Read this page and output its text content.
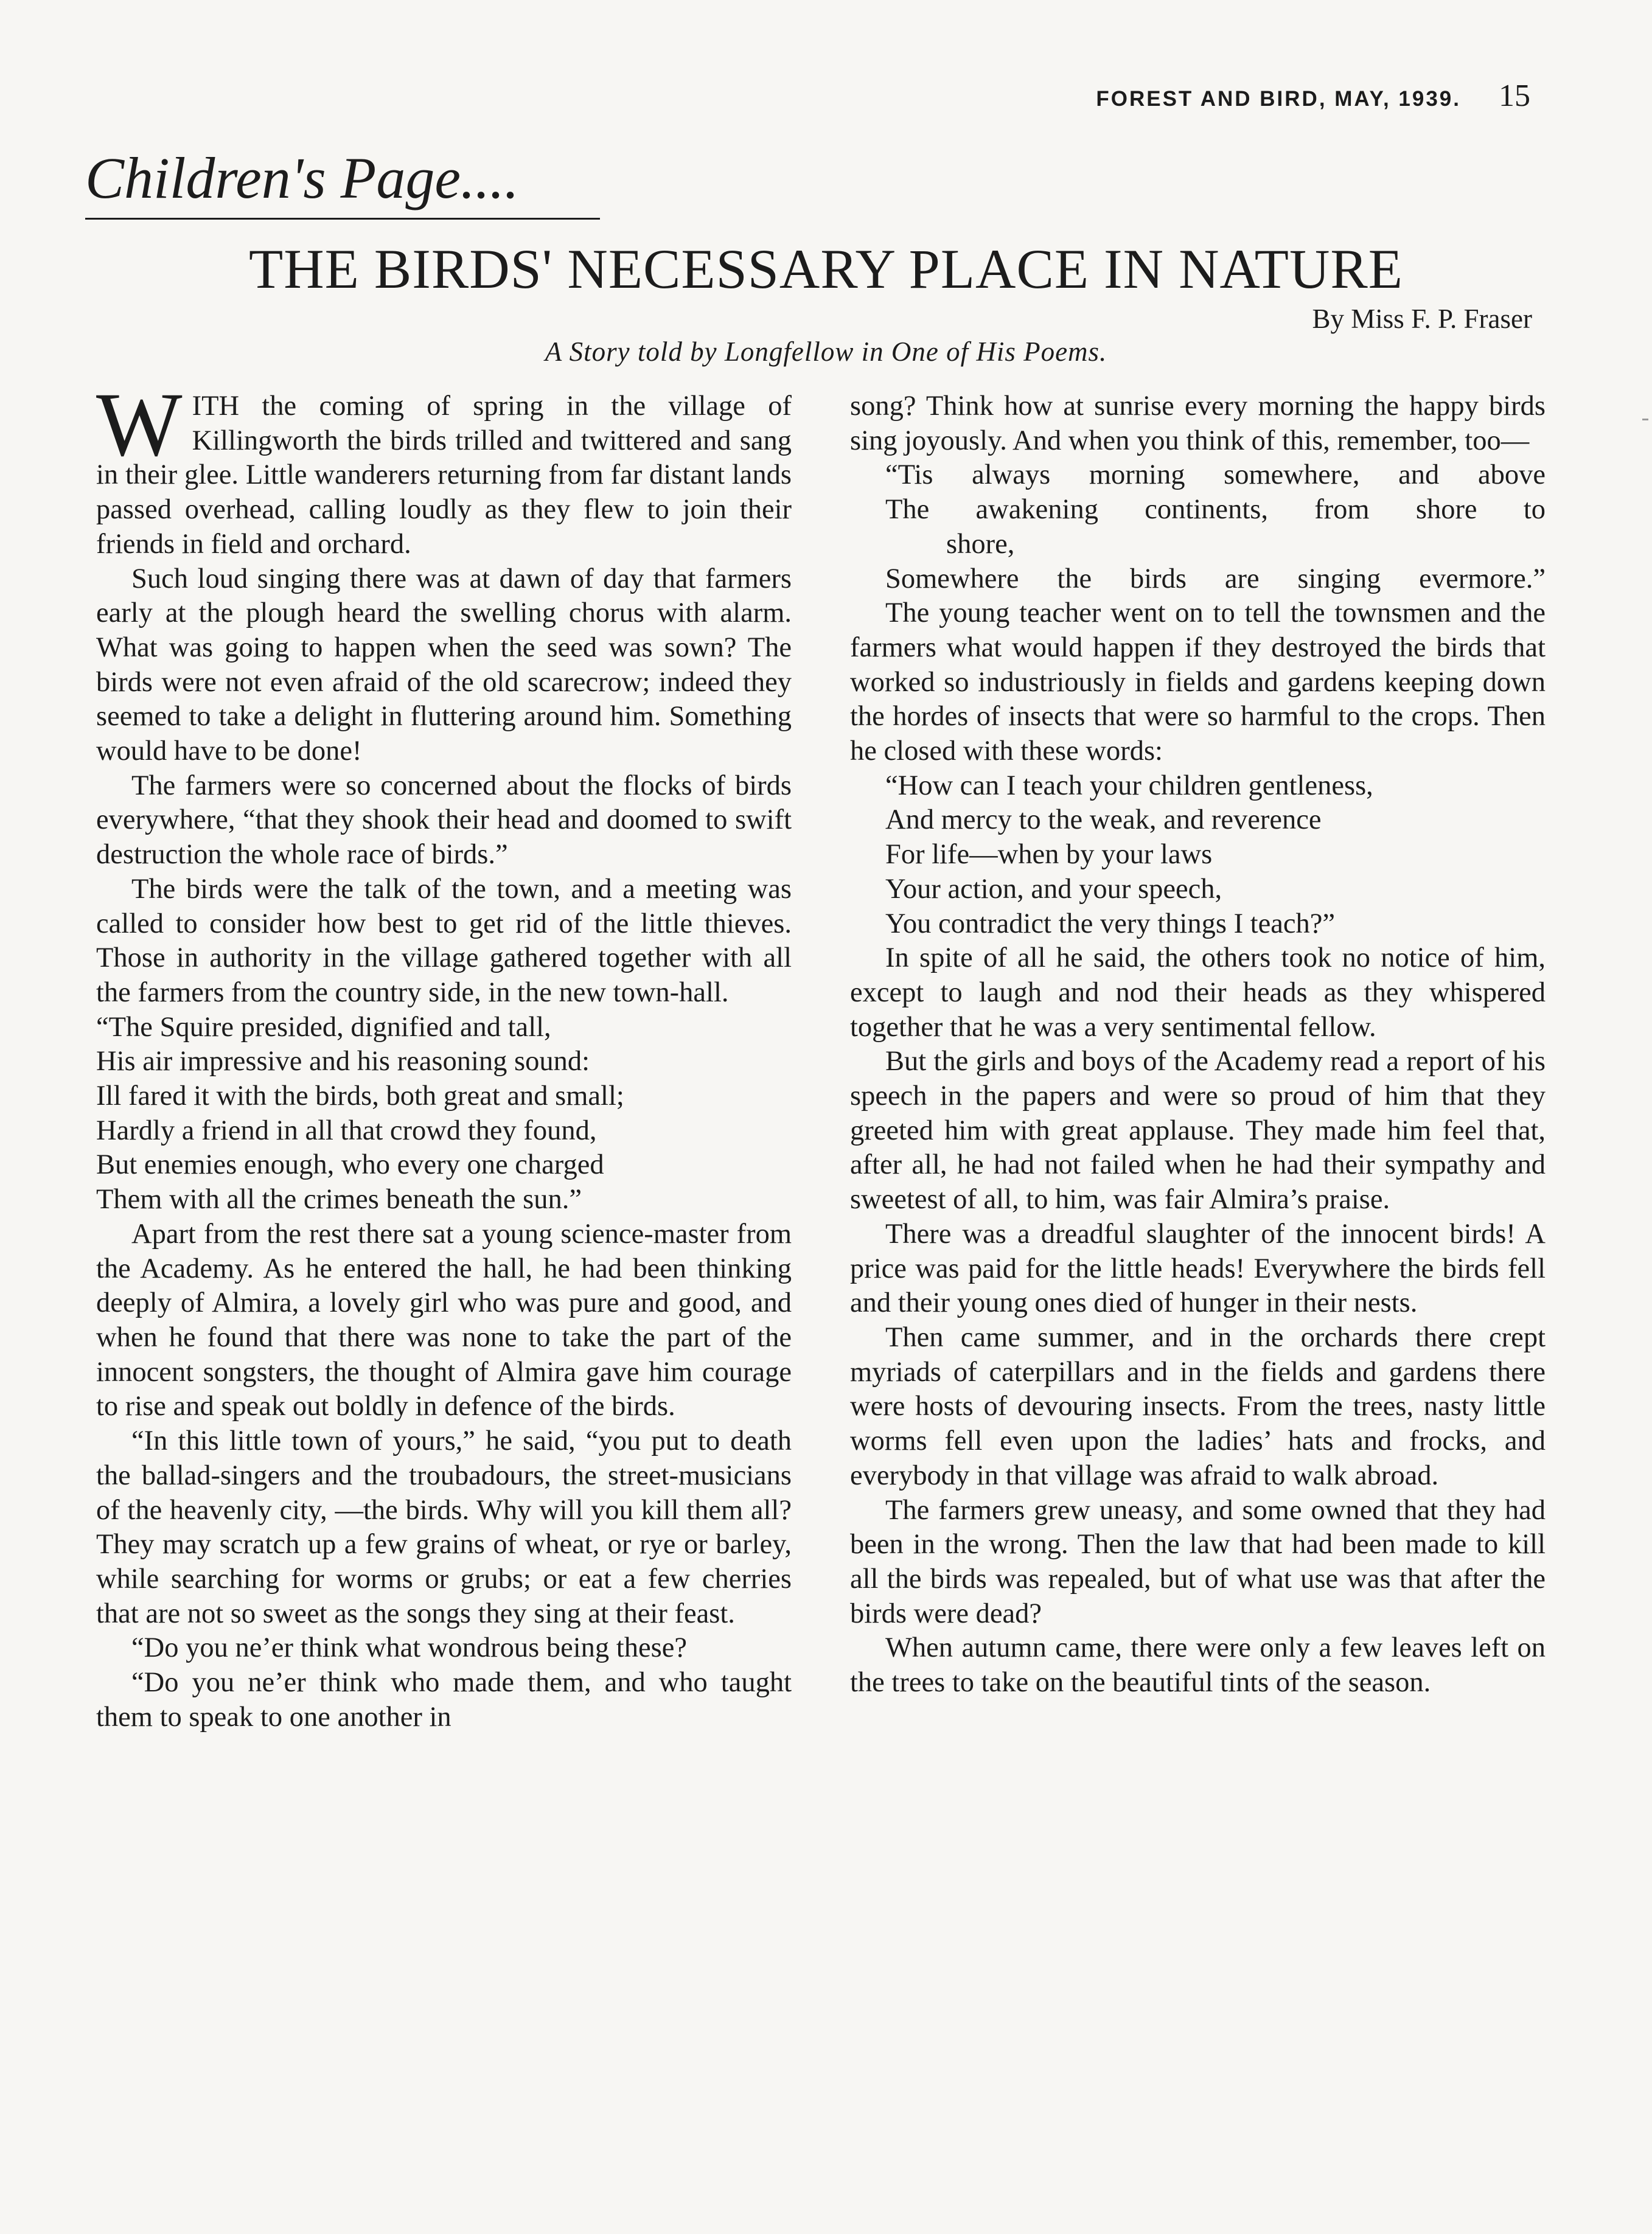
FOREST AND BIRD, MAY, 1939. 15
Children's Page....
THE BIRDS' NECESSARY PLACE IN NATURE
By Miss F. P. Fraser
A Story told by Longfellow in One of His Poems.

WITH the coming of spring in the village of Killingworth the birds trilled and twittered and sang in their glee. Little wanderers returning from far distant lands passed overhead, calling loudly as they flew to join their friends in field and orchard.

Such loud singing there was at dawn of day that farmers early at the plough heard the swelling chorus with alarm. What was going to happen when the seed was sown? The birds were not even afraid of the old scarecrow; indeed they seemed to take a delight in fluttering around him. Something would have to be done!

The farmers were so concerned about the flocks of birds everywhere, “that they shook their head and doomed to swift destruction the whole race of birds.”

The birds were the talk of the town, and a meeting was called to consider how best to get rid of the little thieves. Those in authority in the village gathered together with all the farmers from the country side, in the new town-hall.

“The Squire presided, dignified and tall,
His air impressive and his reasoning sound:
Ill fared it with the birds, both great and small;
Hardly a friend in all that crowd they found,
But enemies enough, who every one charged
Them with all the crimes beneath the sun.”

Apart from the rest there sat a young science-master from the Academy. As he entered the hall, he had been thinking deeply of Almira, a lovely girl who was pure and good, and when he found that there was none to take the part of the innocent songsters, the thought of Almira gave him courage to rise and speak out boldly in defence of the birds.

“In this little town of yours,” he said, “you put to death the ballad-singers and the troubadours, the street-musicians of the heavenly city, —the birds. Why will you kill them all? They may scratch up a few grains of wheat, or rye or barley, while searching for worms or grubs; or eat a few cherries that are not so sweet as the songs they sing at their feast.

“Do you ne’er think what wondrous being these?

“Do you ne’er think who made them, and who taught them to speak to one another in

song? Think how at sunrise every morning the happy birds sing joyously. And when you think of this, remember, too—

“Tis always morning somewhere, and above
The awakening continents, from shore to
shore,
Somewhere the birds are singing evermore.”

The young teacher went on to tell the townsmen and the farmers what would happen if they destroyed the birds that worked so industriously in fields and gardens keeping down the hordes of insects that were so harmful to the crops. Then he closed with these words:

“How can I teach your children gentleness,
And mercy to the weak, and reverence
For life—when by your laws
Your action, and your speech,
You contradict the very things I teach?”

In spite of all he said, the others took no notice of him, except to laugh and nod their heads as they whispered together that he was a very sentimental fellow.

But the girls and boys of the Academy read a report of his speech in the papers and were so proud of him that they greeted him with great applause. They made him feel that, after all, he had not failed when he had their sympathy and sweetest of all, to him, was fair Almira’s praise.

There was a dreadful slaughter of the innocent birds! A price was paid for the little heads! Everywhere the birds fell and their young ones died of hunger in their nests.

Then came summer, and in the orchards there crept myriads of caterpillars and in the fields and gardens there were hosts of devouring insects. From the trees, nasty little worms fell even upon the ladies’ hats and frocks, and everybody in that village was afraid to walk abroad.

The farmers grew uneasy, and some owned that they had been in the wrong. Then the law that had been made to kill all the birds was repealed, but of what use was that after the birds were dead?

When autumn came, there were only a few leaves left on the trees to take on the beautiful tints of the season.
